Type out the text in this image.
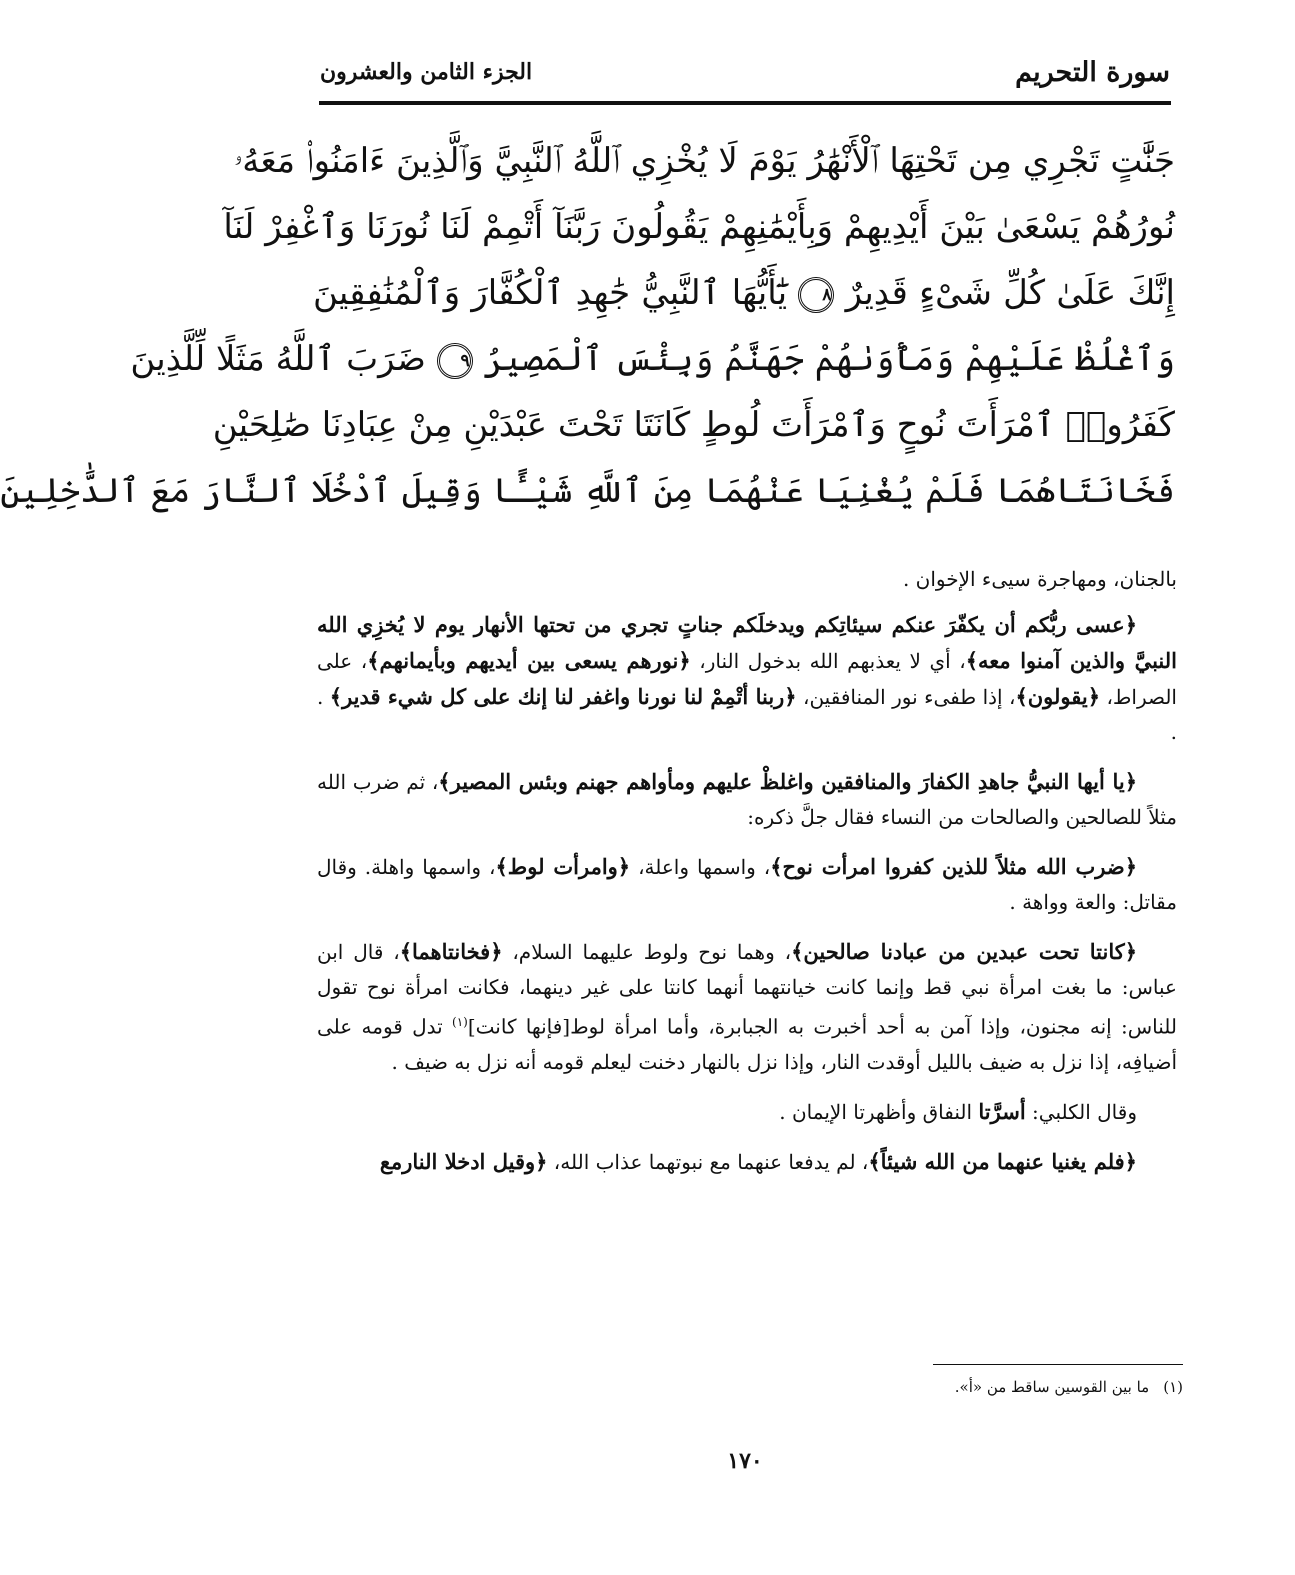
سورة التحريم
الجزء الثامن والعشرون
جَنَّٰتٍ تَجْرِي مِن تَحْتِهَا ٱلْأَنْهَٰرُ يَوْمَ لَا يُخْزِي ٱللَّهُ ٱلنَّبِيَّ وَٱلَّذِينَ ءَامَنُوا۟ مَعَهُۥ
نُورُهُمْ يَسْعَىٰ بَيْنَ أَيْدِيهِمْ وَبِأَيْمَٰنِهِمْ يَقُولُونَ رَبَّنَآ أَتْمِمْ لَنَا نُورَنَا وَٱغْفِرْ لَنَآ
إِنَّكَ عَلَىٰ كُلِّ شَىْءٍ قَدِيرٌ ٨ يَٰٓأَيُّهَا ٱلنَّبِيُّ جَٰهِدِ ٱلْكُفَّارَ وَٱلْمُنَٰفِقِينَ
وَٱغْلُظْ عَلَيْهِمْ وَمَأْوَىٰهُمْ جَهَنَّمُ وَبِئْسَ ٱلْمَصِيرُ ٩ ضَرَبَ ٱللَّهُ مَثَلًا لِّلَّذِينَ
كَفَرُوا۟ ٱمْرَأَتَ نُوحٍ وَٱمْرَأَتَ لُوطٍ كَانَتَا تَحْتَ عَبْدَيْنِ مِنْ عِبَادِنَا صَٰلِحَيْنِ
فَخَانَتَاهُمَا فَلَمْ يُغْنِيَا عَنْهُمَا مِنَ ٱللَّهِ شَيْـًٔا وَقِيلَ ٱدْخُلَا ٱلنَّارَ مَعَ ٱلدَّٰخِلِينَ

بالجنان، ومهاجرة سيىء الإخوان .

﴿عسى ربُّكم أن يكفّرَ عنكم سيئاتِكم ويدخلَكم جناتٍ تجري من تحتها الأنهار يوم لا يُخزِي الله النبيَّ والذين آمنوا معه﴾، أي لا يعذبهم الله بدخول النار، ﴿نورهم يسعى بين أيديهم وبأيمانهم﴾، على الصراط، ﴿يقولون﴾، إذا طفىء نور المنافقين، ﴿ربنا أتْمِمْ لنا نورنا واغفر لنا إنك على كل شيء قدير﴾ . .

﴿يا أيها النبيُّ جاهدِ الكفارَ والمنافقين واغلظْ عليهم ومأواهم جهنم وبئس المصير﴾، ثم ضرب الله مثلاً للصالحين والصالحات من النساء فقال جلَّ ذكره:

﴿ضرب الله مثلاً للذين كفروا امرأت نوح﴾، واسمها واعلة، ﴿وامرأت لوط﴾، واسمها واهلة. وقال مقاتل: والعة وواهة .

﴿كانتا تحت عبدين من عبادنا صالحين﴾، وهما نوح ولوط عليهما السلام، ﴿فخانتاهما﴾، قال ابن عباس: ما بغت امرأة نبي قط وإنما كانت خيانتهما أنهما كانتا على غير دينهما، فكانت امرأة نوح تقول للناس: إنه مجنون، وإذا آمن به أحد أخبرت به الجبابرة، وأما امرأة لوط[فإنها كانت]$^{(١)}$ تدل قومه على أضيافِه، إذا نزل به ضيف بالليل أوقدت النار، وإذا نزل بالنهار دخنت ليعلم قومه أنه نزل به ضيف .

وقال الكلبي: أسرَّتا النفاق وأظهرتا الإيمان .

﴿فلم يغنيا عنهما من الله شيئاً﴾، لم يدفعا عنهما مع نبوتهما عذاب الله، ﴿وقيل ادخلا النارمع

(١)ما بين القوسين ساقط من «أ».
١٧٠
